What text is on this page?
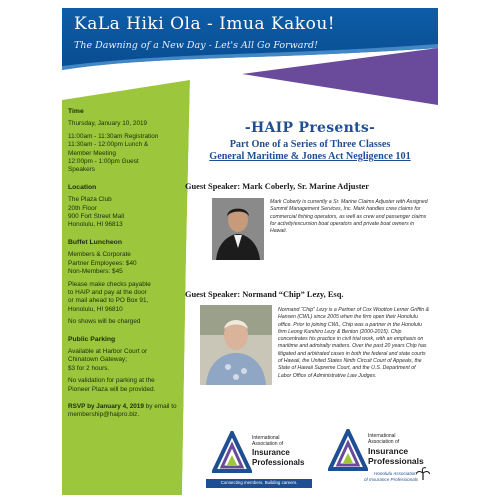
KaLa Hiki Ola - Imua Kakou!
The Dawning of a New Day - Let's All Go Forward!
Time
Thursday, January 10, 2019
11:00am - 11:30am Registration
11:30am - 12:00pm Lunch &
Member Meeting
12:00pm - 1:00pm Guest
Speakers
Location
The Plaza Club
20th Floor
900 Fort Street Mall
Honolulu, HI 96813
Buffet Luncheon
Members & Corporate
Partner Employees: $40
Non-Members: $45
Please make checks payable
to HAIP and pay at the door
or mail ahead to PO Box 91,
Honolulu, HI 96810
No shows will be charged
Public Parking
Available at Harbor Court or
Chinatown Gateway;
$3 for 2 hours.
No validation for parking at the
Pioneer Plaza will be provided.
RSVP by January 4, 2019 by email to
membership@haipro.biz.
-HAIP Presents-
Part One of a Series of Three Classes
General Maritime & Jones Act Negligence 101
Guest Speaker: Mark Coberly, Sr. Marine Adjuster
Mark Coberly is currently a Sr. Marine Claims Adjuster with Assigned Summit Management Services, Inc. Mark handles crew claims for commercial fishing operators, as well as crew and passenger claims for activity/excursion boat operators and private boat owners in Hawaii.
Guest Speaker: Normand “Chip” Lezy, Esq.
Normand “Chip” Lezy is a Partner of Cox Wootton Lerner Griffin & Hansen (CWL) since 2005 when the firm open their Honolulu office. Prior to joining CWL, Chip was a partner in the Honolulu firm Leong Kunihiro Lezy & Benton (2000-2015). Chip concentrates his practice in civil trial work, with an emphasis on maritime and admiralty matters. Over the past 20 years Chip has litigated and arbitrated cases in both the federal and state courts of Hawaii, the United States Ninth Circuit Court of Appeals, the State of Hawaii Supreme Court, and the U.S. Department of Labor Office of Administrative Law Judges.
International
Association of
Insurance
Professionals
Connecting members. Building careers.
International
Association of
Insurance
Professionals
Honolulu Association
of Insurance Professionals
